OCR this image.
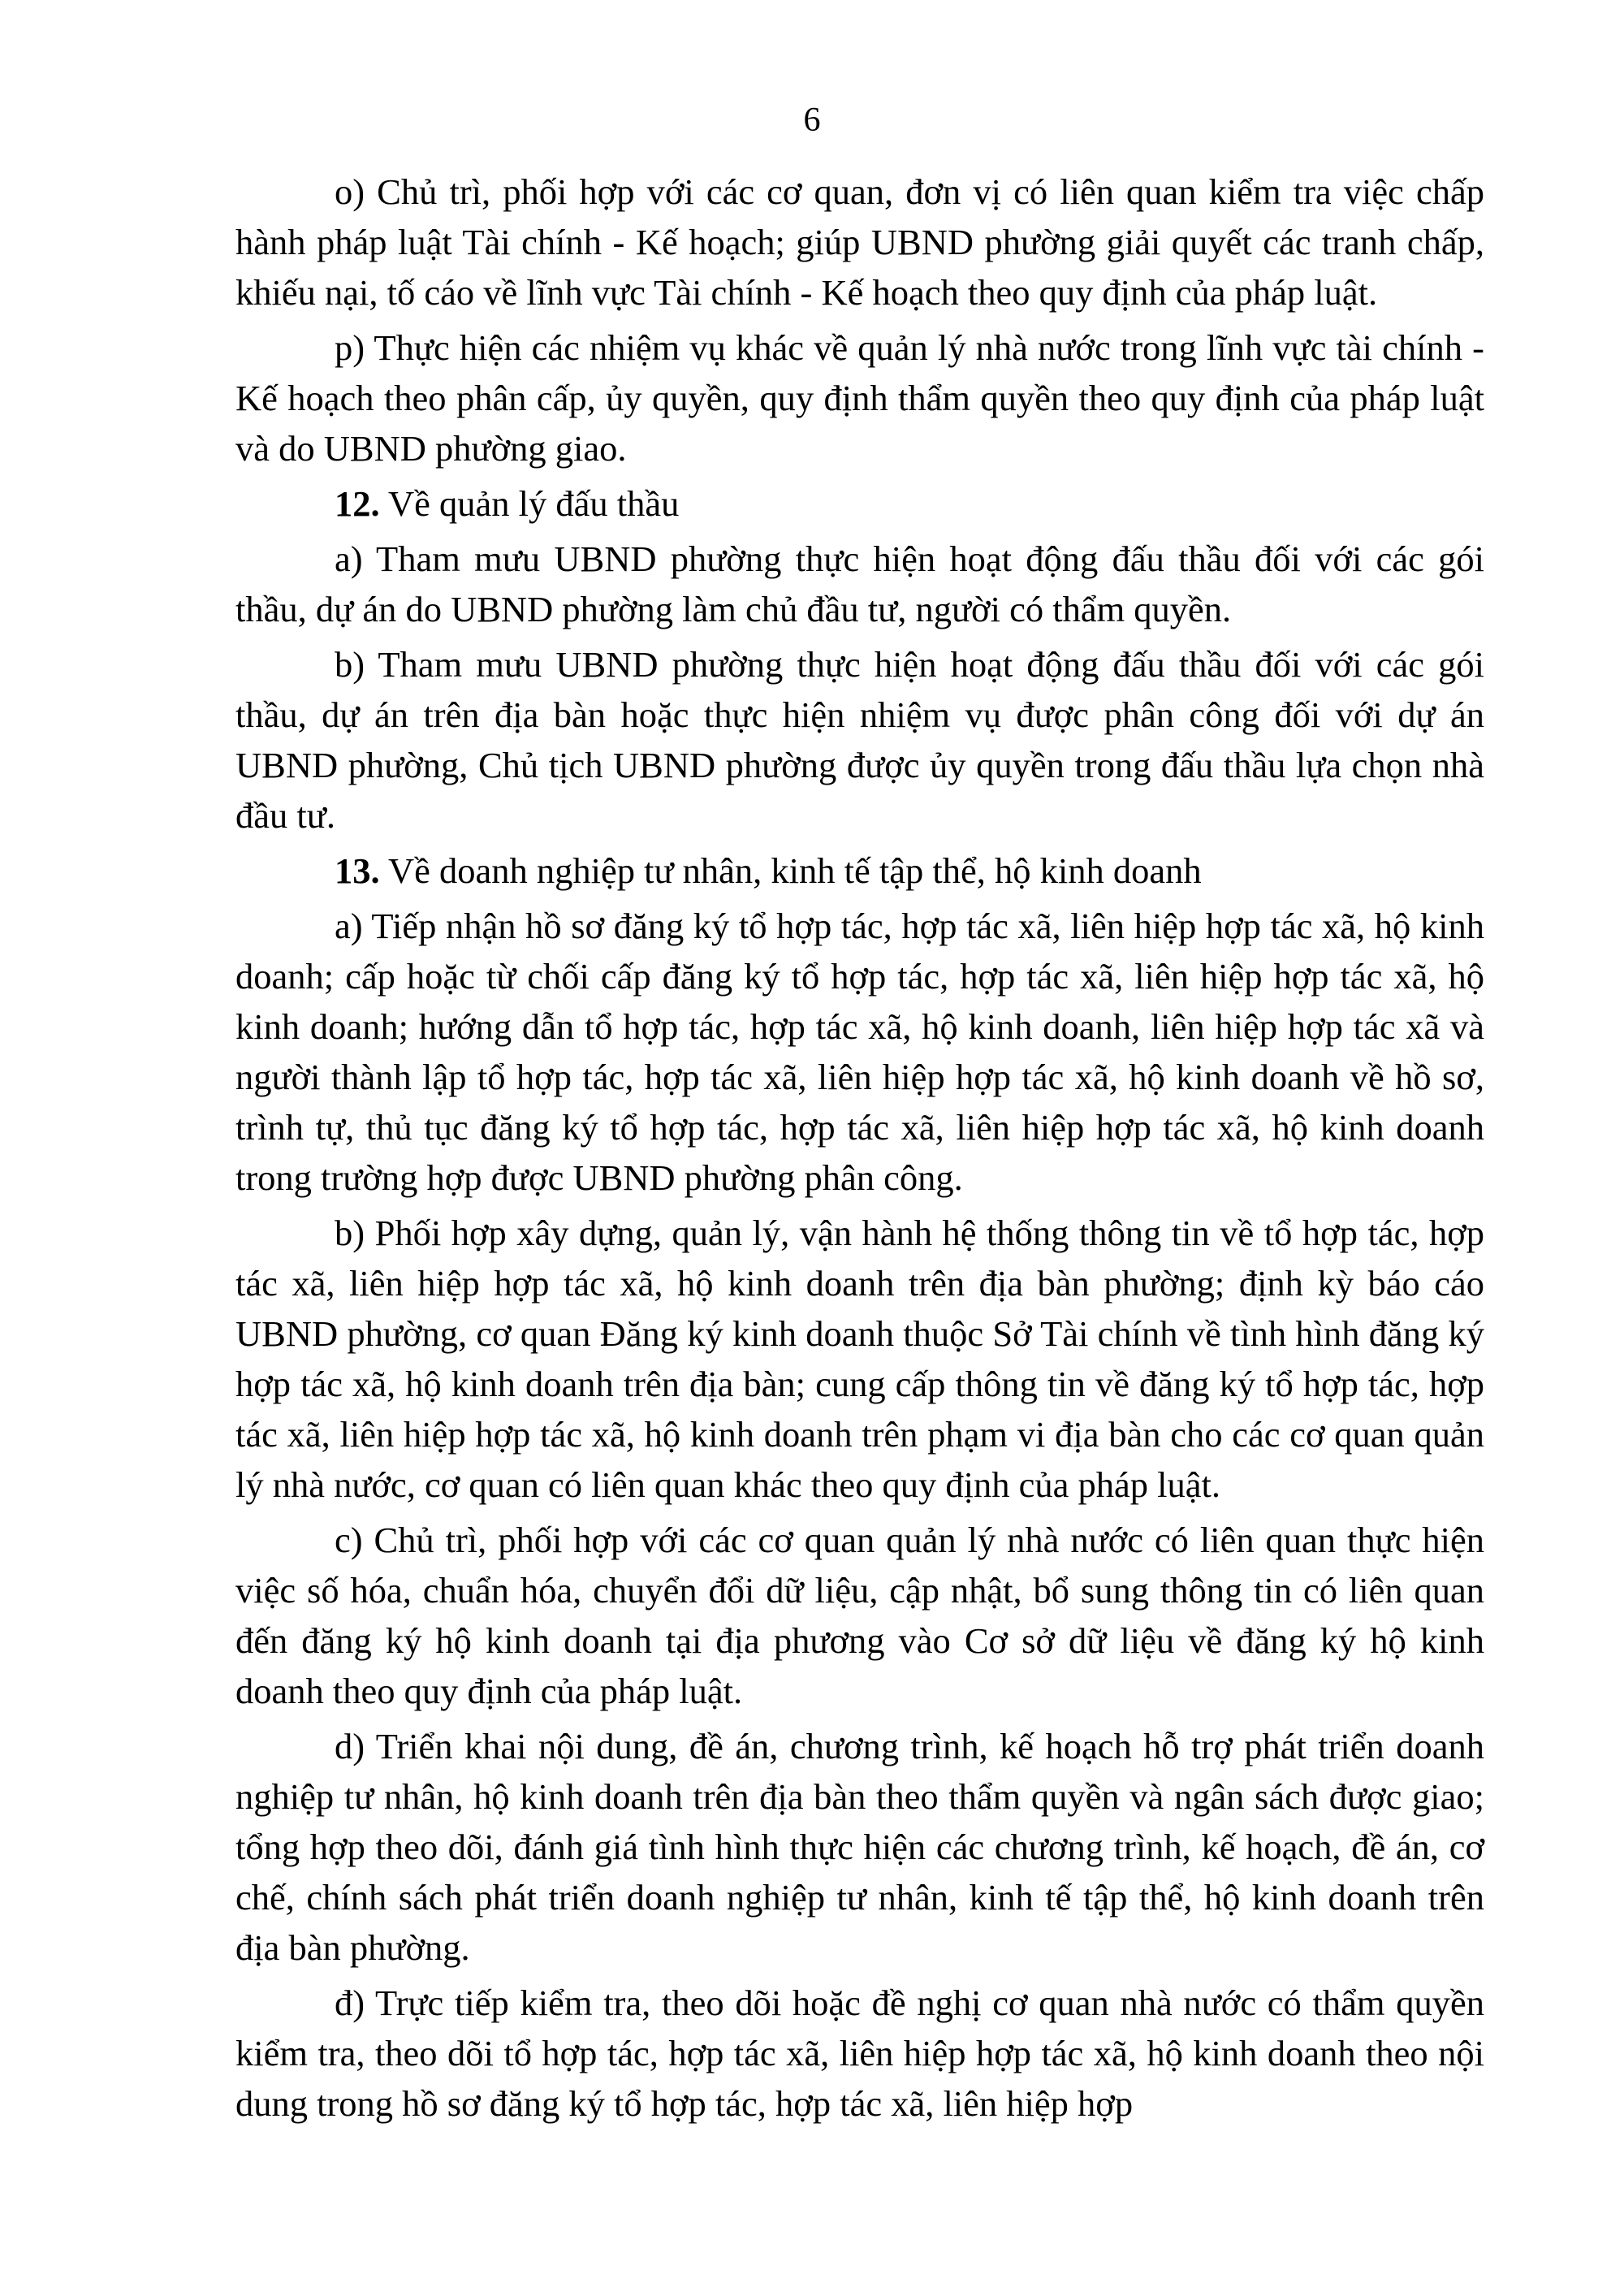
6

o) Chủ trì, phối hợp với các cơ quan, đơn vị có liên quan kiểm tra việc chấp hành pháp luật Tài chính - Kế hoạch; giúp UBND phường giải quyết các tranh chấp, khiếu nại, tố cáo về lĩnh vực Tài chính - Kế hoạch theo quy định của pháp luật.

p) Thực hiện các nhiệm vụ khác về quản lý nhà nước trong lĩnh vực tài chính - Kế hoạch theo phân cấp, ủy quyền, quy định thẩm quyền theo quy định của pháp luật và do UBND phường giao.

12. Về quản lý đấu thầu

a) Tham mưu UBND phường thực hiện hoạt động đấu thầu đối với các gói thầu, dự án do UBND phường làm chủ đầu tư, người có thẩm quyền.

b) Tham mưu UBND phường thực hiện hoạt động đấu thầu đối với các gói thầu, dự án trên địa bàn hoặc thực hiện nhiệm vụ được phân công đối với dự án UBND phường, Chủ tịch UBND phường được ủy quyền trong đấu thầu lựa chọn nhà đầu tư.

13. Về doanh nghiệp tư nhân, kinh tế tập thể, hộ kinh doanh

a) Tiếp nhận hồ sơ đăng ký tổ hợp tác, hợp tác xã, liên hiệp hợp tác xã, hộ kinh doanh; cấp hoặc từ chối cấp đăng ký tổ hợp tác, hợp tác xã, liên hiệp hợp tác xã, hộ kinh doanh; hướng dẫn tổ hợp tác, hợp tác xã, hộ kinh doanh, liên hiệp hợp tác xã và người thành lập tổ hợp tác, hợp tác xã, liên hiệp hợp tác xã, hộ kinh doanh về hồ sơ, trình tự, thủ tục đăng ký tổ hợp tác, hợp tác xã, liên hiệp hợp tác xã, hộ kinh doanh trong trường hợp được UBND phường phân công.

b) Phối hợp xây dựng, quản lý, vận hành hệ thống thông tin về tổ hợp tác, hợp tác xã, liên hiệp hợp tác xã, hộ kinh doanh trên địa bàn phường; định kỳ báo cáo UBND phường, cơ quan Đăng ký kinh doanh thuộc Sở Tài chính về tình hình đăng ký hợp tác xã, hộ kinh doanh trên địa bàn; cung cấp thông tin về đăng ký tổ hợp tác, hợp tác xã, liên hiệp hợp tác xã, hộ kinh doanh trên phạm vi địa bàn cho các cơ quan quản lý nhà nước, cơ quan có liên quan khác theo quy định của pháp luật.

c) Chủ trì, phối hợp với các cơ quan quản lý nhà nước có liên quan thực hiện việc số hóa, chuẩn hóa, chuyển đổi dữ liệu, cập nhật, bổ sung thông tin có liên quan đến đăng ký hộ kinh doanh tại địa phương vào Cơ sở dữ liệu về đăng ký hộ kinh doanh theo quy định của pháp luật.

d) Triển khai nội dung, đề án, chương trình, kế hoạch hỗ trợ phát triển doanh nghiệp tư nhân, hộ kinh doanh trên địa bàn theo thẩm quyền và ngân sách được giao; tổng hợp theo dõi, đánh giá tình hình thực hiện các chương trình, kế hoạch, đề án, cơ chế, chính sách phát triển doanh nghiệp tư nhân, kinh tế tập thể, hộ kinh doanh trên địa bàn phường.

đ) Trực tiếp kiểm tra, theo dõi hoặc đề nghị cơ quan nhà nước có thẩm quyền kiểm tra, theo dõi tổ hợp tác, hợp tác xã, liên hiệp hợp tác xã, hộ kinh doanh theo nội dung trong hồ sơ đăng ký tổ hợp tác, hợp tác xã, liên hiệp hợp
